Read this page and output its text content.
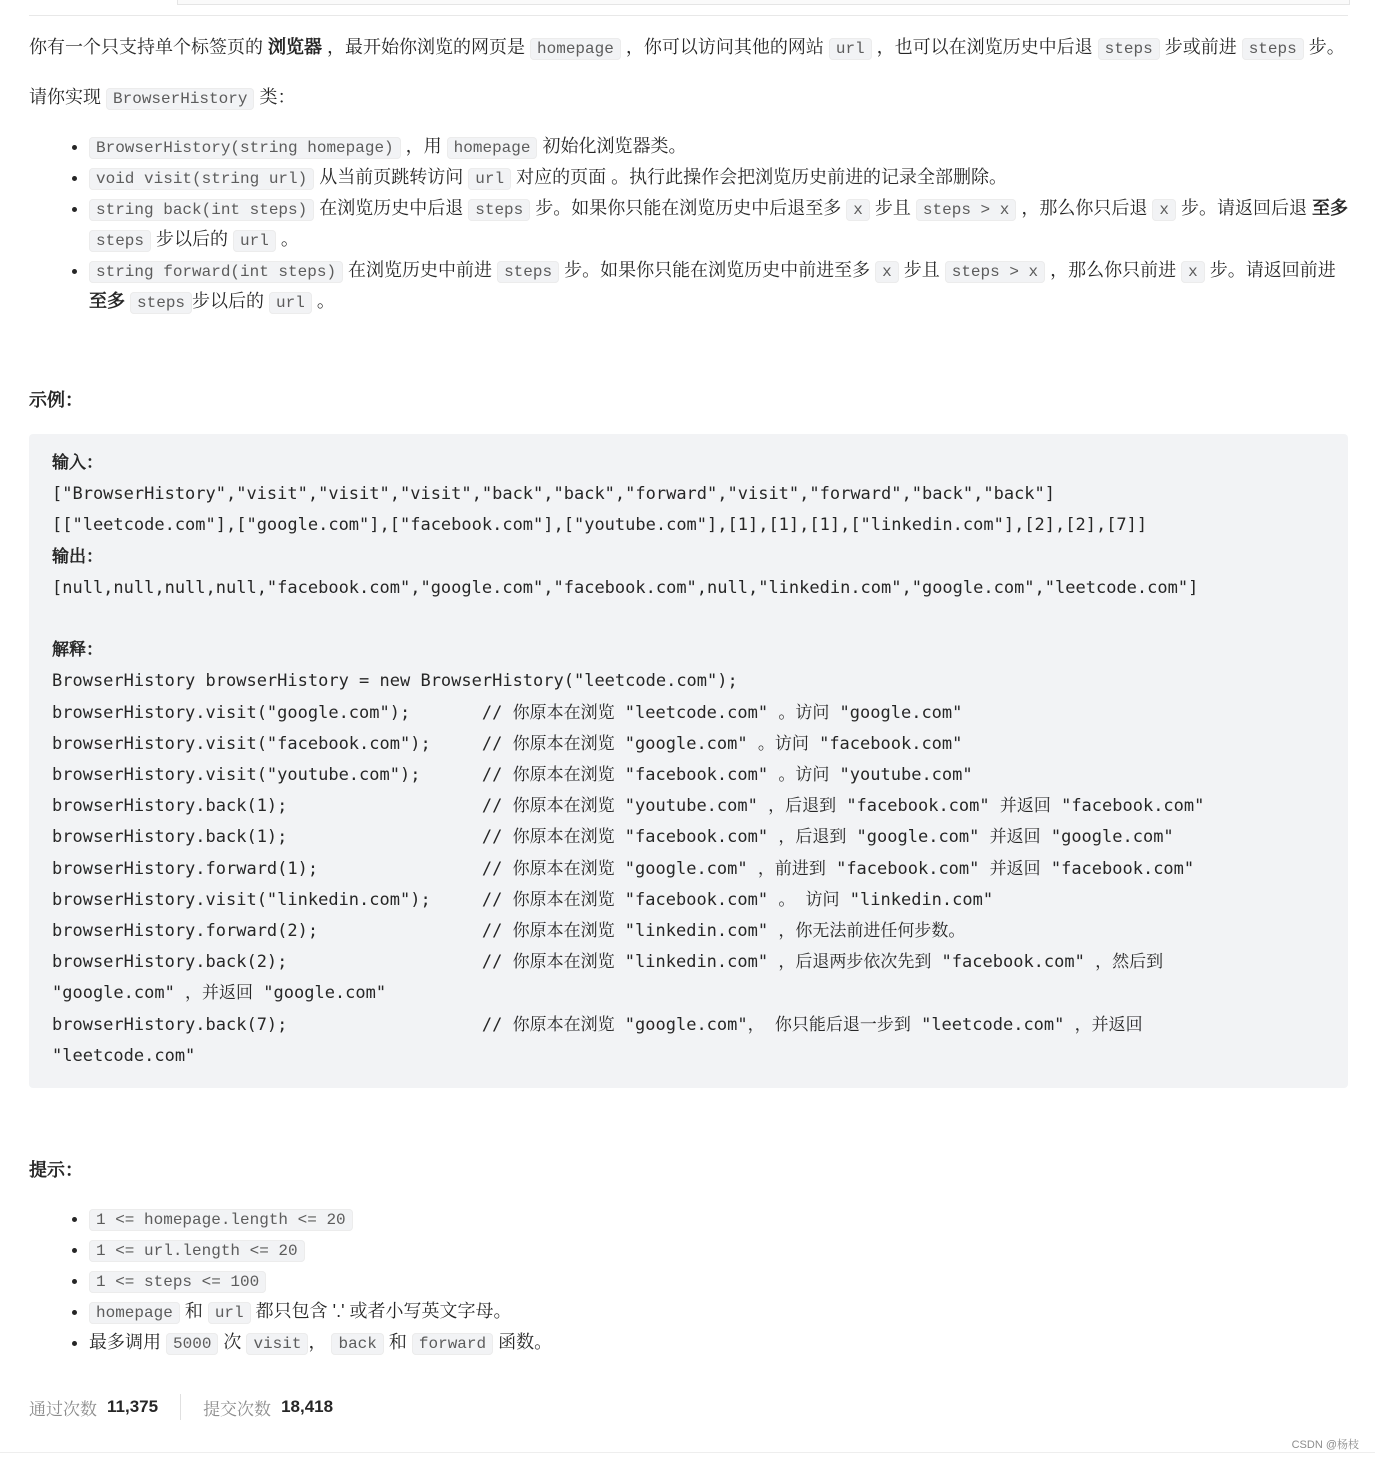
你有一个只支持单个标签页的 浏览器 ，最开始你浏览的网页是 homepage ，你可以访问其他的网站 url ，也可以在浏览历史中后退 steps 步或前进 steps 步。

请你实现 BrowserHistory 类：

• BrowserHistory(string homepage) ，用 homepage 初始化浏览器类。
• void visit(string url) 从当前页跳转访问 url 对应的页面 。执行此操作会把浏览历史前进的记录全部删除。
• string back(int steps) 在浏览历史中后退 steps 步。如果你只能在浏览历史中后退至多 x 步且 steps > x ，那么你只后退 x 步。请返回后退 至多 steps 步以后的 url 。
• string forward(int steps) 在浏览历史中前进 steps 步。如果你只能在浏览历史中前进至多 x 步且 steps > x ，那么你只前进 x 步。请返回前进 至多 steps 步以后的 url 。
示例：
输入：
["BrowserHistory","visit","visit","visit","back","back","forward","visit","forward","back","back"]
[["leetcode.com"],["google.com"],["facebook.com"],["youtube.com"],[1],[1],[1],["linkedin.com"],[2],[2],[7]]
输出：
[null,null,null,null,"facebook.com","google.com","facebook.com",null,"linkedin.com","google.com","leetcode.com"]

解释：
BrowserHistory browserHistory = new BrowserHistory("leetcode.com");
browserHistory.visit("google.com");       // 你原本在浏览 "leetcode.com" 。访问 "google.com"
browserHistory.visit("facebook.com");     // 你原本在浏览 "google.com" 。访问 "facebook.com"
browserHistory.visit("youtube.com");      // 你原本在浏览 "facebook.com" 。访问 "youtube.com"
browserHistory.back(1);                   // 你原本在浏览 "youtube.com" ，后退到 "facebook.com" 并返回 "facebook.com"
browserHistory.back(1);                   // 你原本在浏览 "facebook.com" ，后退到 "google.com" 并返回 "google.com"
browserHistory.forward(1);                // 你原本在浏览 "google.com" ，前进到 "facebook.com" 并返回 "facebook.com"
browserHistory.visit("linkedin.com");     // 你原本在浏览 "facebook.com" 。 访问 "linkedin.com"
browserHistory.forward(2);                // 你原本在浏览 "linkedin.com" ，你无法前进任何步数。
browserHistory.back(2);                   // 你原本在浏览 "linkedin.com" ，后退两步依次先到 "facebook.com" ，然后到
"google.com" ，并返回 "google.com"
browserHistory.back(7);                   // 你原本在浏览 "google.com"， 你只能后退一步到 "leetcode.com" ，并返回
"leetcode.com"
提示：
• 1 <= homepage.length <= 20
• 1 <= url.length <= 20
• 1 <= steps <= 100
• homepage 和 url 都只包含 '.' 或者小写英文字母。
• 最多调用 5000 次 visit ， back 和 forward 函数。
通过次数 11,375	提交次数 18,418
CSDN @杨枝
